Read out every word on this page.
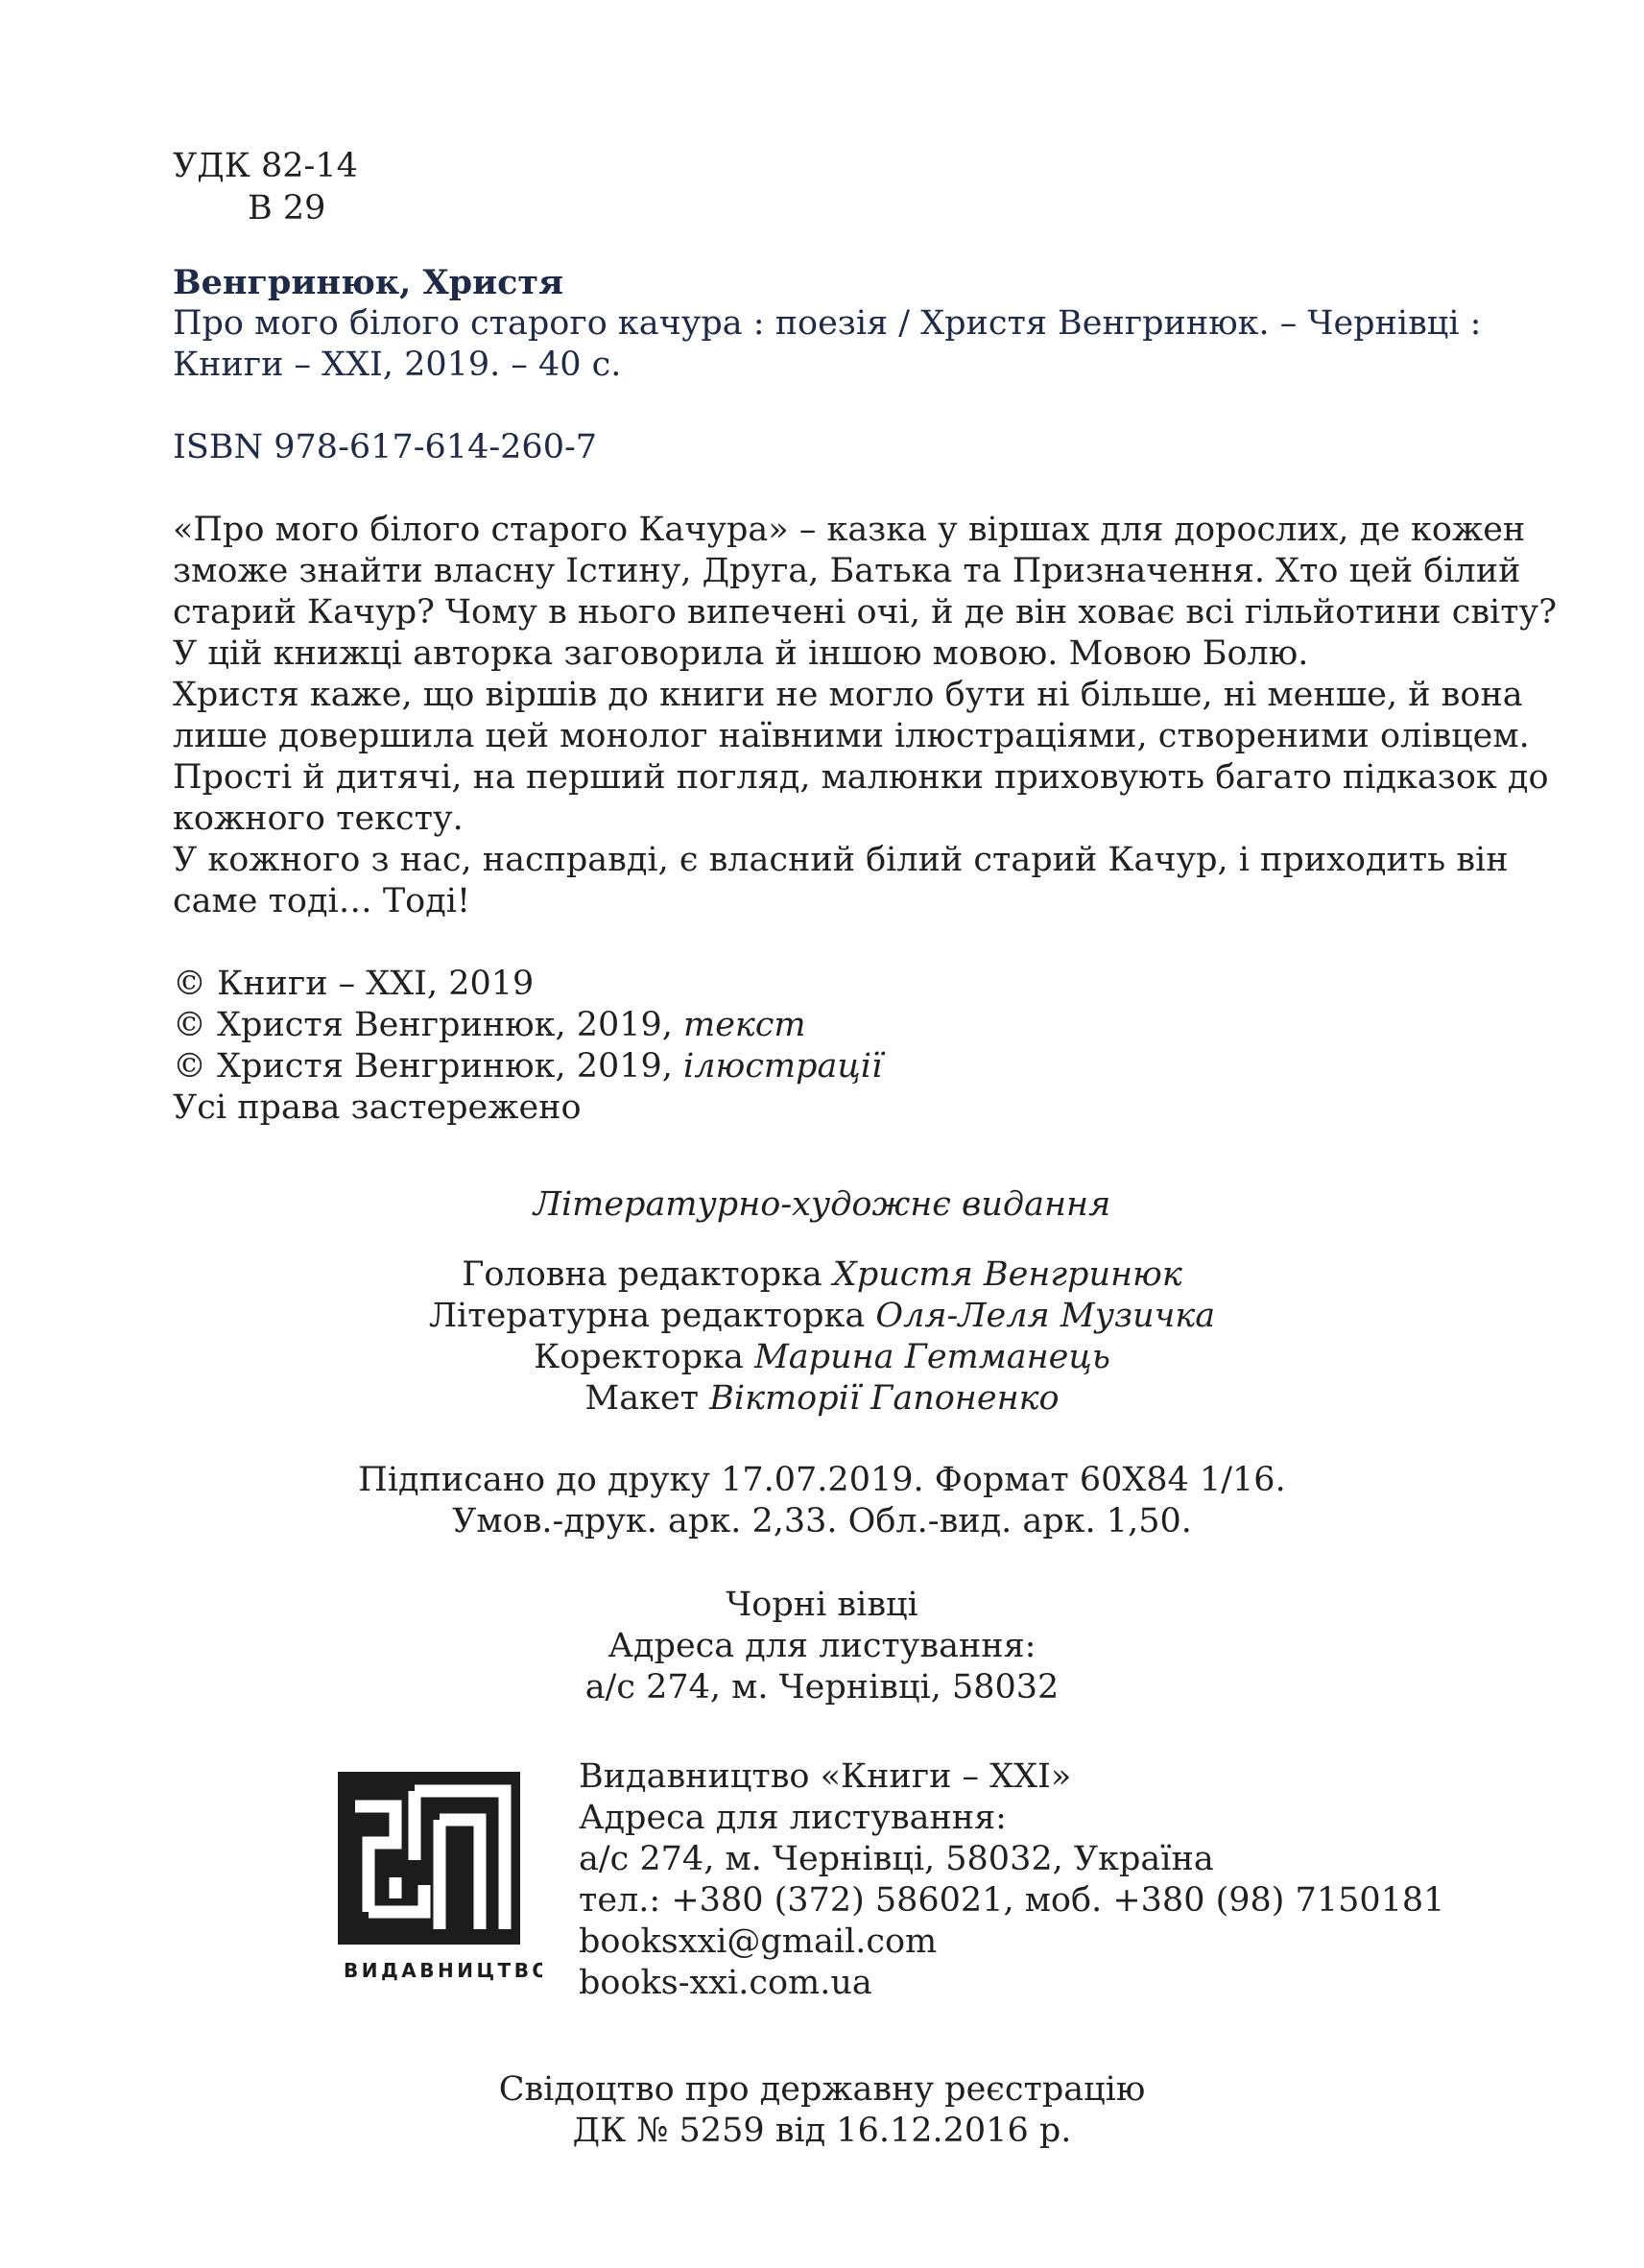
УДК 82-14
В 29
Венгринюк, Христя
Про мого білого старого качура : поезія / Христя Венгринюк. – Чернівці :
Книги – ХХІ, 2019. – 40 с.
ISBN 978-617-614-260-7
«Про мого білого старого Качура» – казка у віршах для дорослих, де кожен
зможе знайти власну Істину, Друга, Батька та Призначення. Хто цей білий
старий Качур? Чому в нього випечені очі, й де він ховає всі гільйотини світу?
У цій книжці авторка заговорила й іншою мовою. Мовою Болю.
Христя каже, що віршів до книги не могло бути ні більше, ні менше, й вона
лише довершила цей монолог наївними ілюстраціями, створеними олівцем.
Прості й дитячі, на перший погляд, малюнки приховують багато підказок до
кожного тексту.
У кожного з нас, насправді, є власний білий старий Качур, і приходить він
саме тоді… Тоді!
© Книги – ХХІ, 2019
© Христя Венгринюк, 2019, текст
© Христя Венгринюк, 2019, ілюстрації
Усі права застережено
Літературно-художнє видання
Головна редакторка Христя Венгринюк
Літературна редакторка Оля-Леля Музичка
Коректорка Марина Гетманець
Макет Вікторії Гапоненко
Підписано до друку 17.07.2019. Формат 60Х84 1/16.
Умов.-друк. арк. 2,33. Обл.-вид. арк. 1,50.
Чорні вівці
Адреса для листування:
а/с 274, м. Чернівці, 58032
ВИДАВНИЦТВО
Видавництво «Книги – ХХІ»
Адреса для листування:
а/с 274, м. Чернівці, 58032, Україна
тел.: +380 (372) 586021, моб. +380 (98) 7150181
booksxxi@gmail.com
books-xxi.com.ua
Свідоцтво про державну реєстрацію
ДК № 5259 від 16.12.2016 р.
